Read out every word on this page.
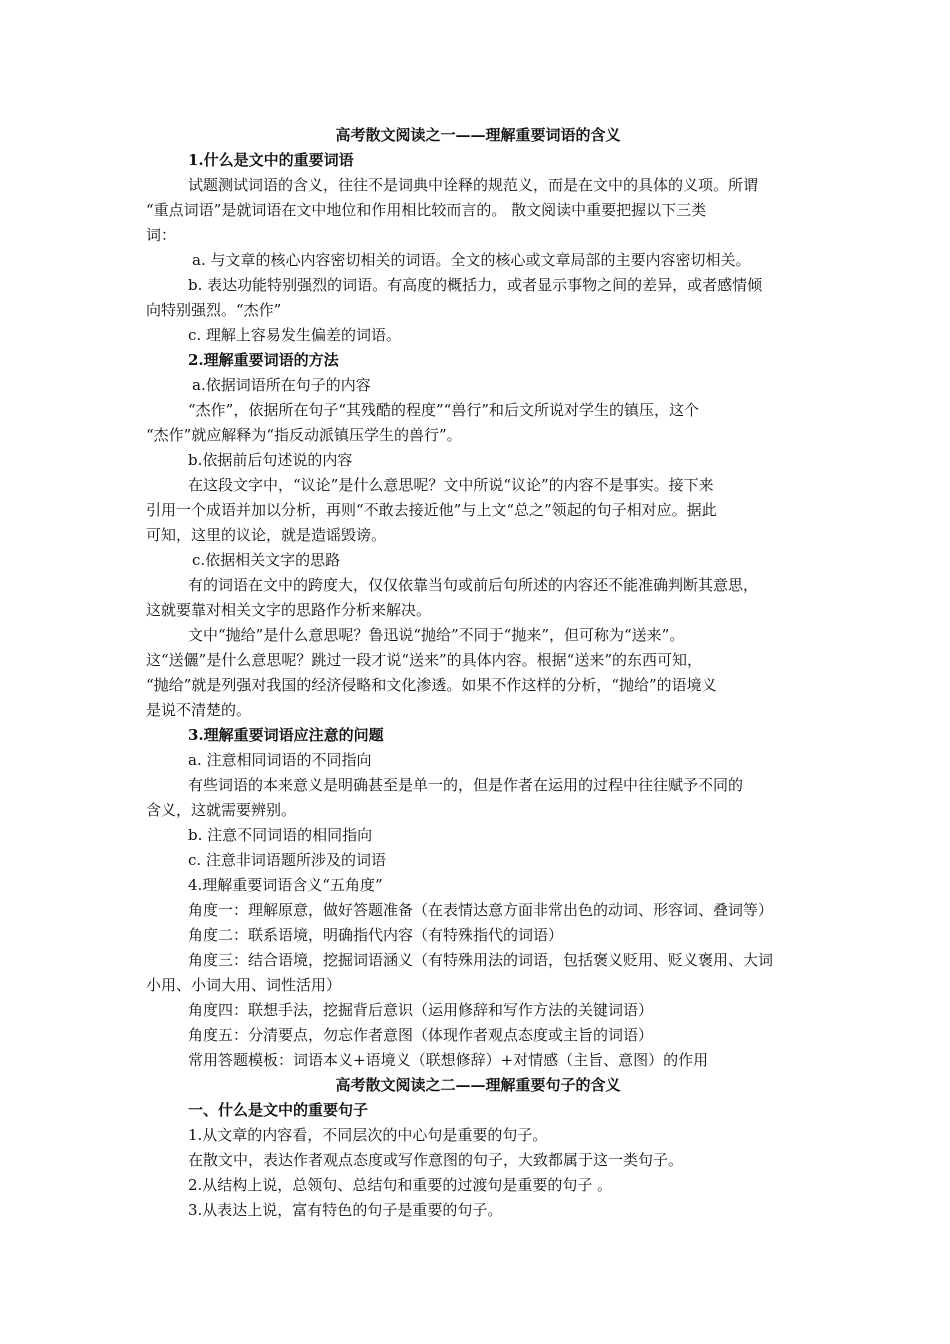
高考散文阅读之一——理解重要词语的含义
1.什么是文中的重要词语
试题测试词语的含义，往往不是词典中诠释的规范义，而是在文中的具体的义项。所谓
“重点词语”是就词语在文中地位和作用相比较而言的。 散文阅读中重要把握以下三类
词：
a. 与文章的核心内容密切相关的词语。全文的核心或文章局部的主要内容密切相关。
b. 表达功能特别强烈的词语。有高度的概括力，或者显示事物之间的差异，或者感情倾
向特别强烈。“杰作”
c. 理解上容易发生偏差的词语。
2.理解重要词语的方法
a.依据词语所在句子的内容
“杰作”，依据所在句子“其残酷的程度”“兽行”和后文所说对学生的镇压，这个
“杰作”就应解释为“指反动派镇压学生的兽行”。
b.依据前后句述说的内容
在这段文字中，“议论”是什么意思呢？文中所说“议论”的内容不是事实。接下来
引用一个成语并加以分析，再则“不敢去接近他”与上文“总之”领起的句子相对应。据此
可知，这里的议论，就是造谣毁谤。
c.依据相关文字的思路
有的词语在文中的跨度大，仅仅依靠当句或前后句所述的内容还不能准确判断其意思，
这就要靠对相关文字的思路作分析来解决。
文中“抛给”是什么意思呢？鲁迅说“抛给”不同于“抛来”，但可称为“送来”。
这“送儷”是什么意思呢？跳过一段才说“送来”的具体内容。根据“送来”的东西可知，
“抛给”就是列强对我国的经济侵略和文化渗透。如果不作这样的分析，“抛给”的语境义
是说不清楚的。
3.理解重要词语应注意的问题
a. 注意相同词语的不同指向
有些词语的本来意义是明确甚至是单一的，但是作者在运用的过程中往往赋予不同的
含义，这就需要辨别。
b. 注意不同词语的相同指向
c. 注意非词语题所涉及的词语
4.理解重要词语含义“五角度”
角度一：理解原意，做好答题准备（在表情达意方面非常出色的动词、形容词、叠词等）
角度二：联系语境，明确指代内容（有特殊指代的词语）
角度三：结合语境，挖掘词语涵义（有特殊用法的词语，包括褒义贬用、贬义褒用、大词
小用、小词大用、词性活用）
角度四：联想手法，挖掘背后意识（运用修辞和写作方法的关键词语）
角度五：分清要点，勿忘作者意图（体现作者观点态度或主旨的词语）
常用答题模板：词语本义+语境义（联想修辞）+对情感（主旨、意图）的作用
高考散文阅读之二——理解重要句子的含义
一、什么是文中的重要句子
1.从文章的内容看，不同层次的中心句是重要的句子。
在散文中，表达作者观点态度或写作意图的句子，大致都属于这一类句子。
2.从结构上说，总领句、总结句和重要的过渡句是重要的句子 。
3.从表达上说，富有特色的句子是重要的句子。
